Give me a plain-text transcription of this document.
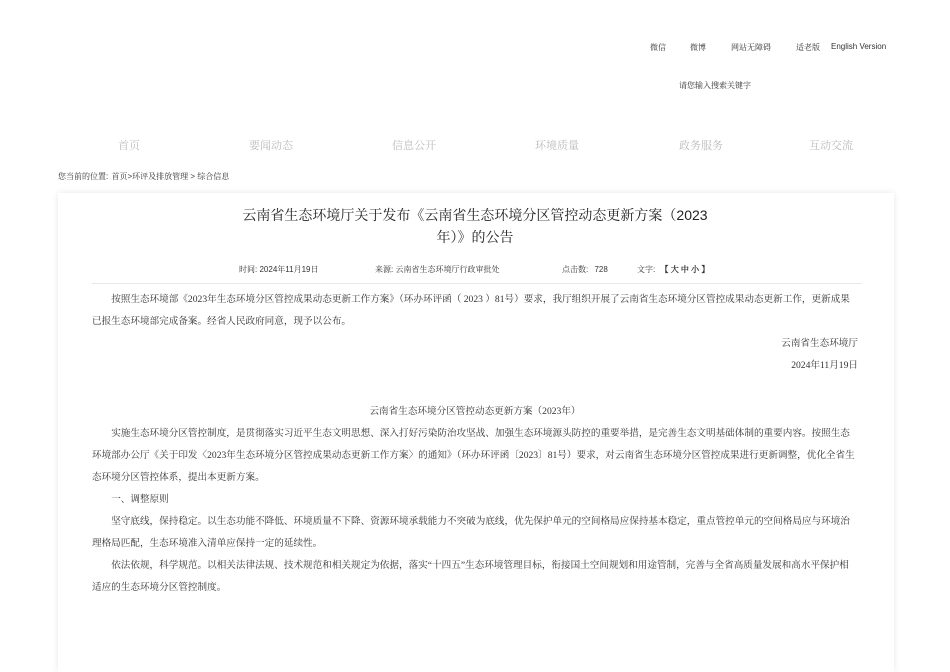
微信	微博	网站无障碍	适老版 English Version
请您输入搜索关键字
首页	要闻动态	信息公开	环境质量	政务服务	互动交流
您当前的位置: 首页>环评及排放管理 > 综合信息
云南省生态环境厅关于发布《云南省生态环境分区管控动态更新方案（2023年）》的公告
时间: 2024年11月19日	来源: 云南省生态环境厅行政审批处	点击数: 728	文字: 【 大 中 小 】

按照生态环境部《2023年生态环境分区管控成果动态更新工作方案》（环办环评函（ 2023 ）81号）要求，我厅组织开展了云南省生态环境分区管控成果动态更新工作，更新成果已报生态环境部完成备案。经省人民政府同意，现予以公布。

云南省生态环境厅

2024年11月19日

云南省生态环境分区管控动态更新方案（2023年）

实施生态环境分区管控制度，是贯彻落实习近平生态文明思想、深入打好污染防治攻坚战、加强生态环境源头防控的重要举措，是完善生态文明基础体制的重要内容。按照生态环境部办公厅《关于印发〈2023年生态环境分区管控成果动态更新工作方案〉的通知》（环办环评函〔2023〕81号）要求，对云南省生态环境分区管控成果进行更新调整，优化全省生态环境分区管控体系，提出本更新方案。

一、调整原则

坚守底线，保持稳定。以生态功能不降低、环境质量不下降、资源环境承载能力不突破为底线，优先保护单元的空间格局应保持基本稳定，重点管控单元的空间格局应与环境治理格局匹配，生态环境准入清单应保持一定的延续性。

依法依规，科学规范。以相关法律法规、技术规范和相关规定为依据，落实“十四五”生态环境管理目标，衔接国土空间规划和用途管制，完善与全省高质量发展和高水平保护相适应的生态环境分区管控制度。
